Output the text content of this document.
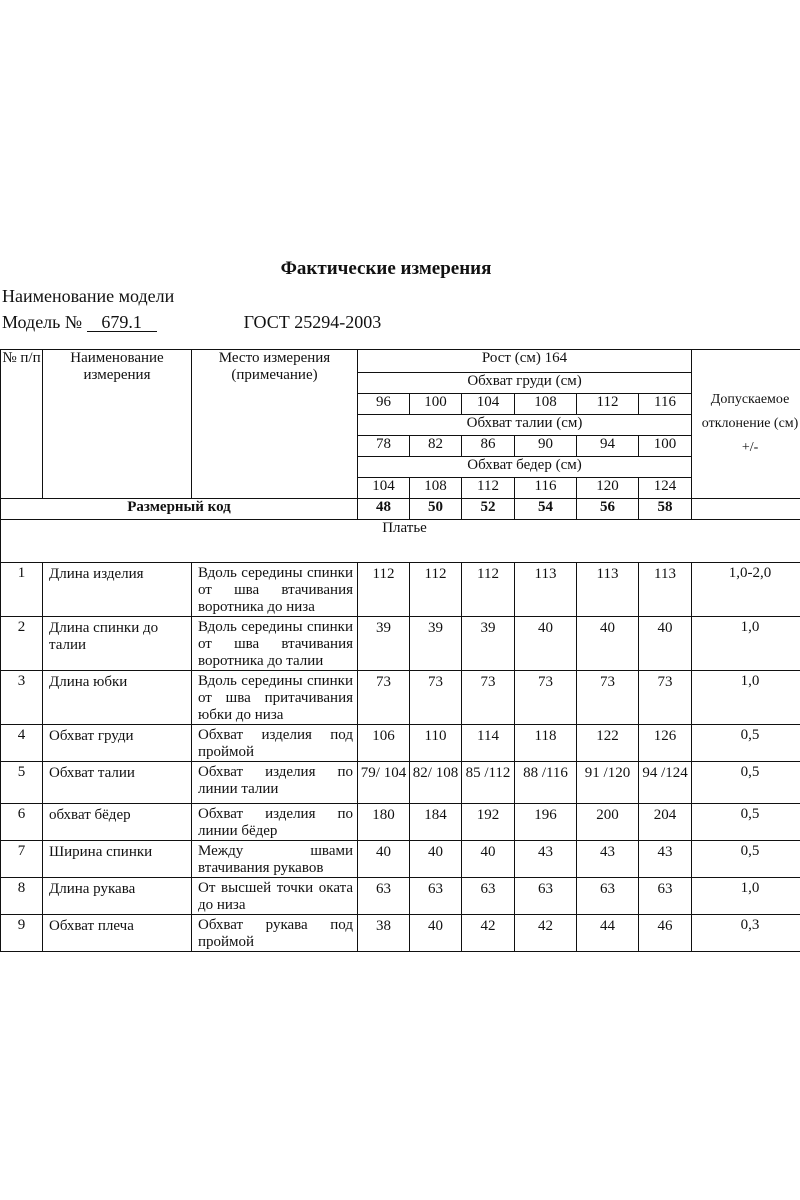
Фактические измерения
Наименование модели
Модель № 679.1	ГОСТ 25294-2003
№ п/п	Наименование измерения	Место измерения (примечание)	Рост (см) 164						Допускаемое отклонение (см) +/-
			Обхват груди (см)						
			96	100	104	108	112	116	
			Обхват талии (см)						
			78	82	86	90	94	100	
			Обхват бедер (см)						
			104	108	112	116	120	124	
Размерный код			48	50	52	54	56	58	
Платье									
1	Длина изделия	Вдоль середины спинки от шва втачивания воротника до низа	112	112	112	113	113	113	1,0-2,0
2	Длина спинки до талии	Вдоль середины спинки от шва втачивания воротника до талии	39	39	39	40	40	40	1,0
3	Длина юбки	Вдоль середины спинки от шва притачивания юбки до низа	73	73	73	73	73	73	1,0
4	Обхват груди	Обхват изделия под проймой	106	110	114	118	122	126	0,5
5	Обхват талии	Обхват изделия по линии талии	79/ 104	82/ 108	85 /112	88 /116	91 /120	94 /124	0,5
6	обхват бёдер	Обхват изделия по линии бёдер	180	184	192	196	200	204	0,5
7	Ширина спинки	Между швами втачивания рукавов	40	40	40	43	43	43	0,5
8	Длина рукава	От высшей точки оката до низа	63	63	63	63	63	63	1,0
9	Обхват плеча	Обхват рукава под проймой	38	40	42	42	44	46	0,3
